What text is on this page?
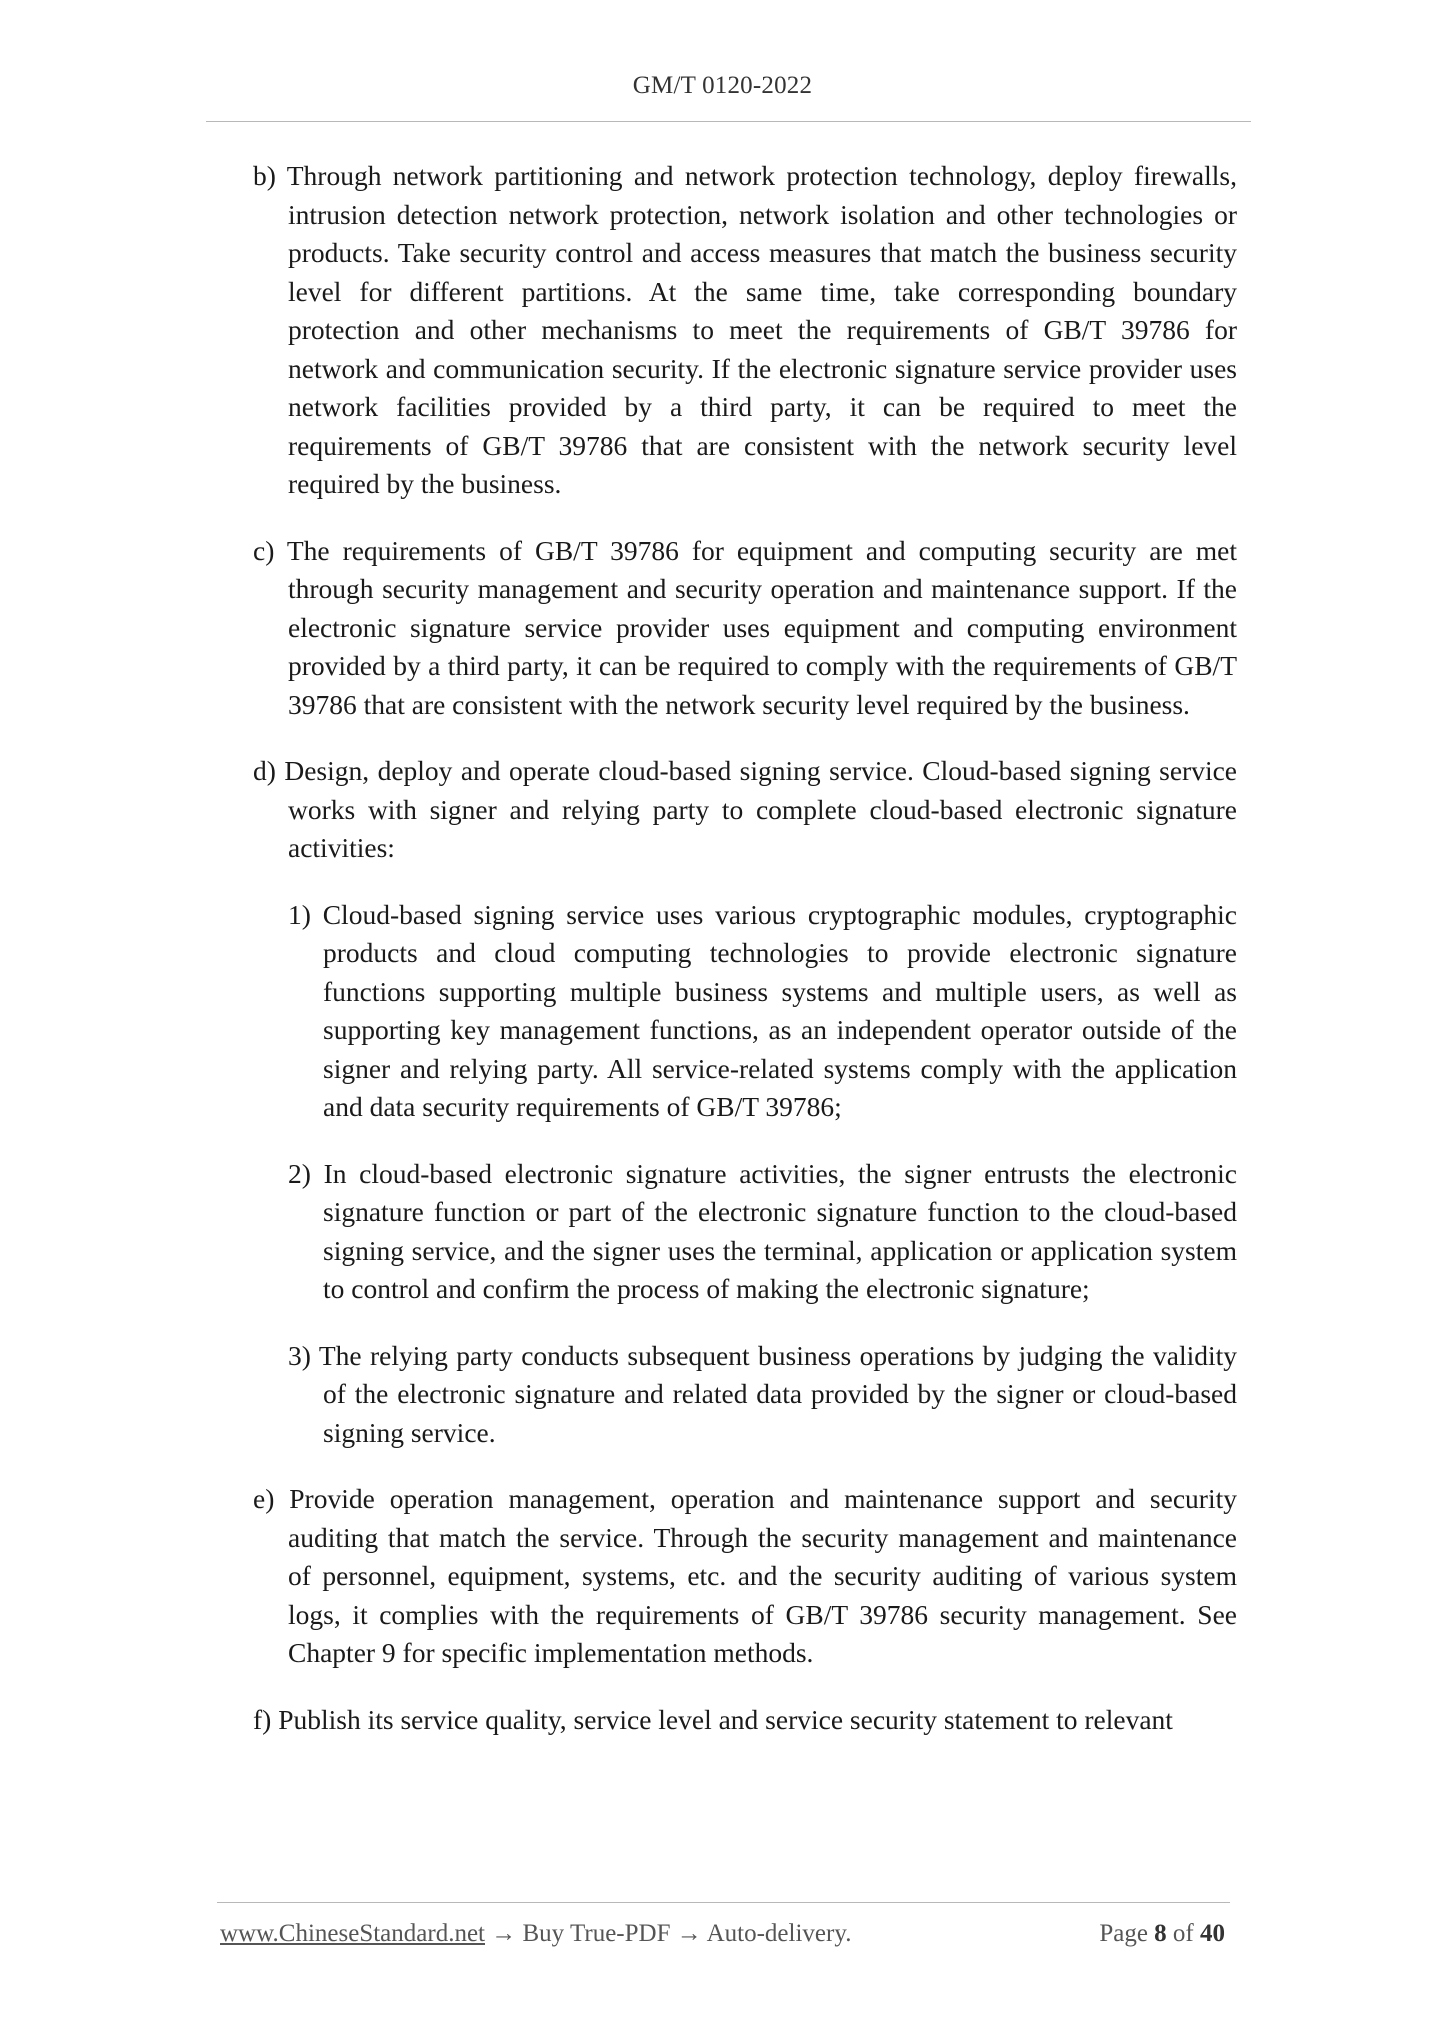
GM/T 0120-2022

b) Through network partitioning and network protection technology, deploy firewalls, intrusion detection network protection, network isolation and other technologies or products. Take security control and access measures that match the business security level for different partitions. At the same time, take corresponding boundary protection and other mechanisms to meet the requirements of GB/T 39786 for network and communication security. If the electronic signature service provider uses network facilities provided by a third party, it can be required to meet the requirements of GB/T 39786 that are consistent with the network security level required by the business.

c) The requirements of GB/T 39786 for equipment and computing security are met through security management and security operation and maintenance support. If the electronic signature service provider uses equipment and computing environment provided by a third party, it can be required to comply with the requirements of GB/T 39786 that are consistent with the network security level required by the business.

d) Design, deploy and operate cloud-based signing service. Cloud-based signing service works with signer and relying party to complete cloud-based electronic signature activities:

1) Cloud-based signing service uses various cryptographic modules, cryptographic products and cloud computing technologies to provide electronic signature functions supporting multiple business systems and multiple users, as well as supporting key management functions, as an independent operator outside of the signer and relying party. All service-related systems comply with the application and data security requirements of GB/T 39786;

2) In cloud-based electronic signature activities, the signer entrusts the electronic signature function or part of the electronic signature function to the cloud-based signing service, and the signer uses the terminal, application or application system to control and confirm the process of making the electronic signature;

3) The relying party conducts subsequent business operations by judging the validity of the electronic signature and related data provided by the signer or cloud-based signing service.

e) Provide operation management, operation and maintenance support and security auditing that match the service. Through the security management and maintenance of personnel, equipment, systems, etc. and the security auditing of various system logs, it complies with the requirements of GB/T 39786 security management. See Chapter 9 for specific implementation methods.

f) Publish its service quality, service level and service security statement to relevant

www.ChineseStandard.net → Buy True-PDF → Auto-delivery.	Page 8 of 40
